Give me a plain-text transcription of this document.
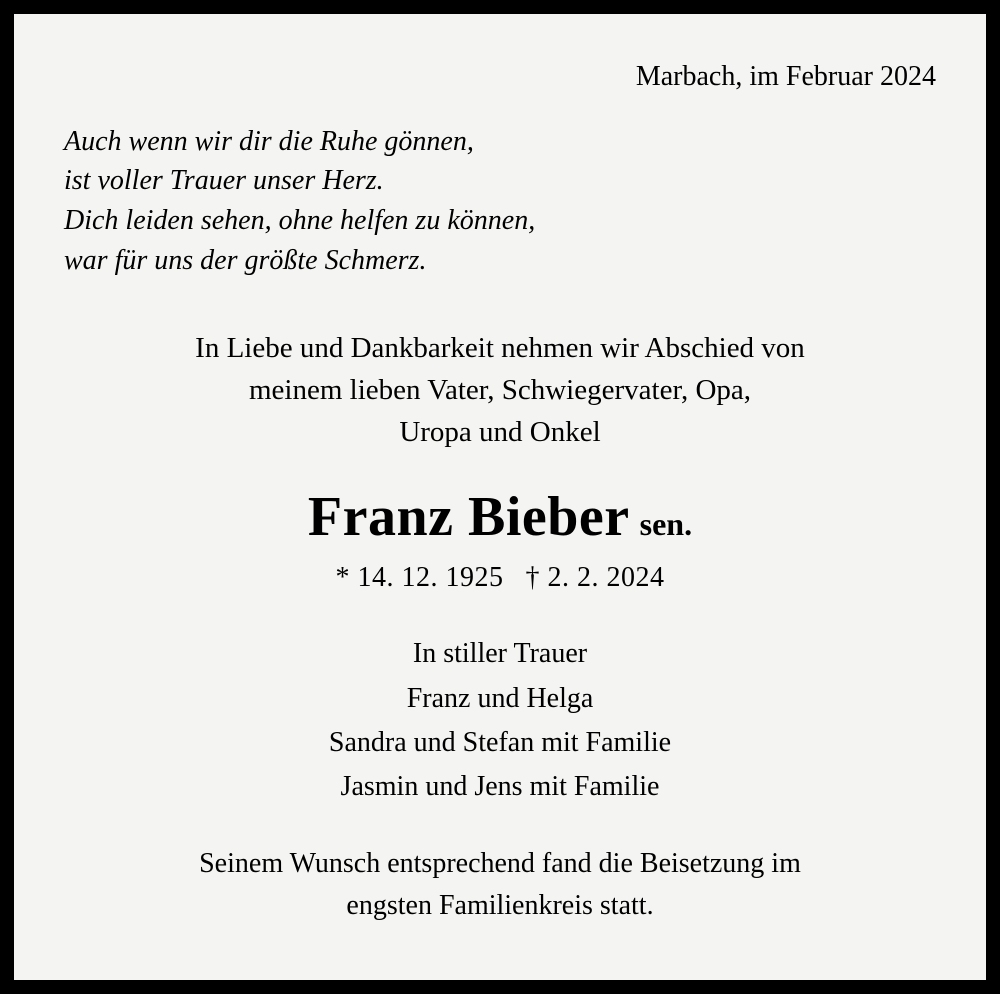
Marbach, im Februar 2024
Auch wenn wir dir die Ruhe gönnen,
ist voller Trauer unser Herz.
Dich leiden sehen, ohne helfen zu können,
war für uns der größte Schmerz.
In Liebe und Dankbarkeit nehmen wir Abschied von
meinem lieben Vater, Schwiegervater, Opa,
Uropa und Onkel
Franz Bieber sen.
* 14. 12. 1925 † 2. 2. 2024
In stiller Trauer
Franz und Helga
Sandra und Stefan mit Familie
Jasmin und Jens mit Familie
Seinem Wunsch entsprechend fand die Beisetzung im
engsten Familienkreis statt.
